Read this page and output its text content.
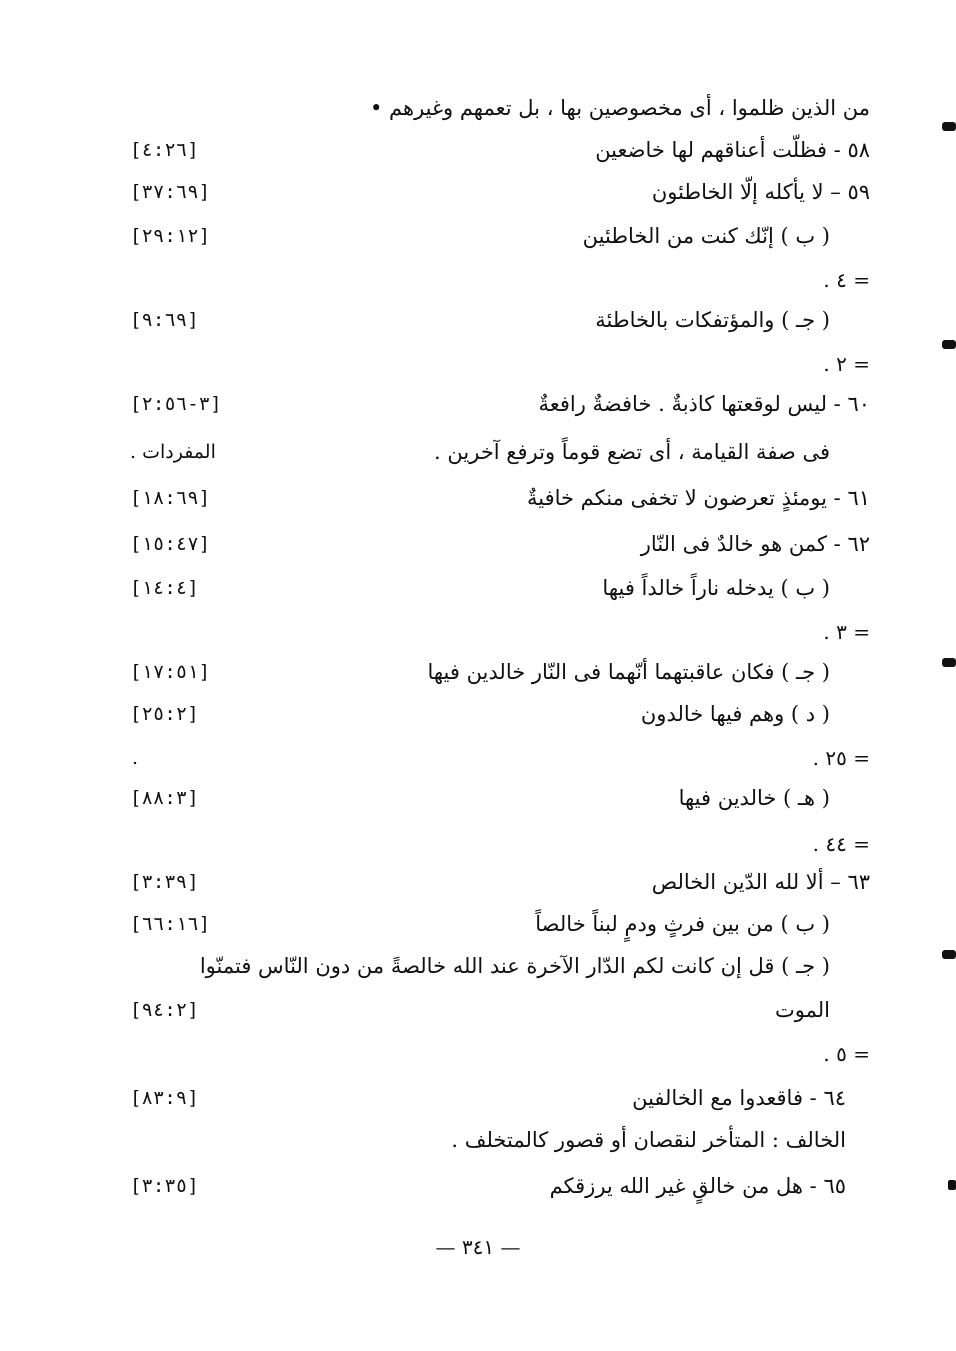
من الذين ظلموا ، أى مخصوصين بها ، بل تعمهم وغيرهم •
٥٨ - فظلّت أعناقهم لها خاضعين
[٤:٢٦]
٥٩ – لا يأكله إلّا الخاطئون
[٣٧:٦٩]
( ب ) إنّك كنت من الخاطئين
[٢٩:١٢]
= ٤ .
( جـ ) والمؤتفكات بالخاطئة
[٩:٦٩]
= ٢ .
٦٠ - ليس لوقعتها كاذبةٌ . خافضةٌ رافعةٌ
[٣-٢:٥٦]
فى صفة القيامة ، أى تضع قوماً وترفع آخرين .
المفردات .
٦١ - يومئذٍ تعرضون لا تخفى منكم خافيةٌ
[١٨:٦٩]
٦٢ - كمن هو خالدٌ فى النّار
[١٥:٤٧]
( ب ) يدخله ناراً خالداً فيها
[١٤:٤]
= ٣ .
( جـ ) فكان عاقبتهما أنّهما فى النّار خالدين فيها
[١٧:٥١]
( د ) وهم فيها خالدون
[٢٥:٢]
= ٢٥ .
.
( هـ ) خالدين فيها
[٨٨:٣]
= ٤٤ .
٦٣ – ألا لله الدّين الخالص
[٣:٣٩]
( ب ) من بين فرثٍ ودمٍ لبناً خالصاً
[٦٦:١٦]
( جـ ) قل إن كانت لكم الدّار الآخرة عند الله خالصةً من دون النّاس فتمنّوا
الموت
[٩٤:٢]
= ٥ .
٦٤ - فاقعدوا مع الخالفين
[٨٣:٩]
الخالف : المتأخر لنقصان أو قصور كالمتخلف .
٦٥ - هل من خالقٍ غير الله يرزقكم
[٣:٣٥]
— ٣٤١ —
